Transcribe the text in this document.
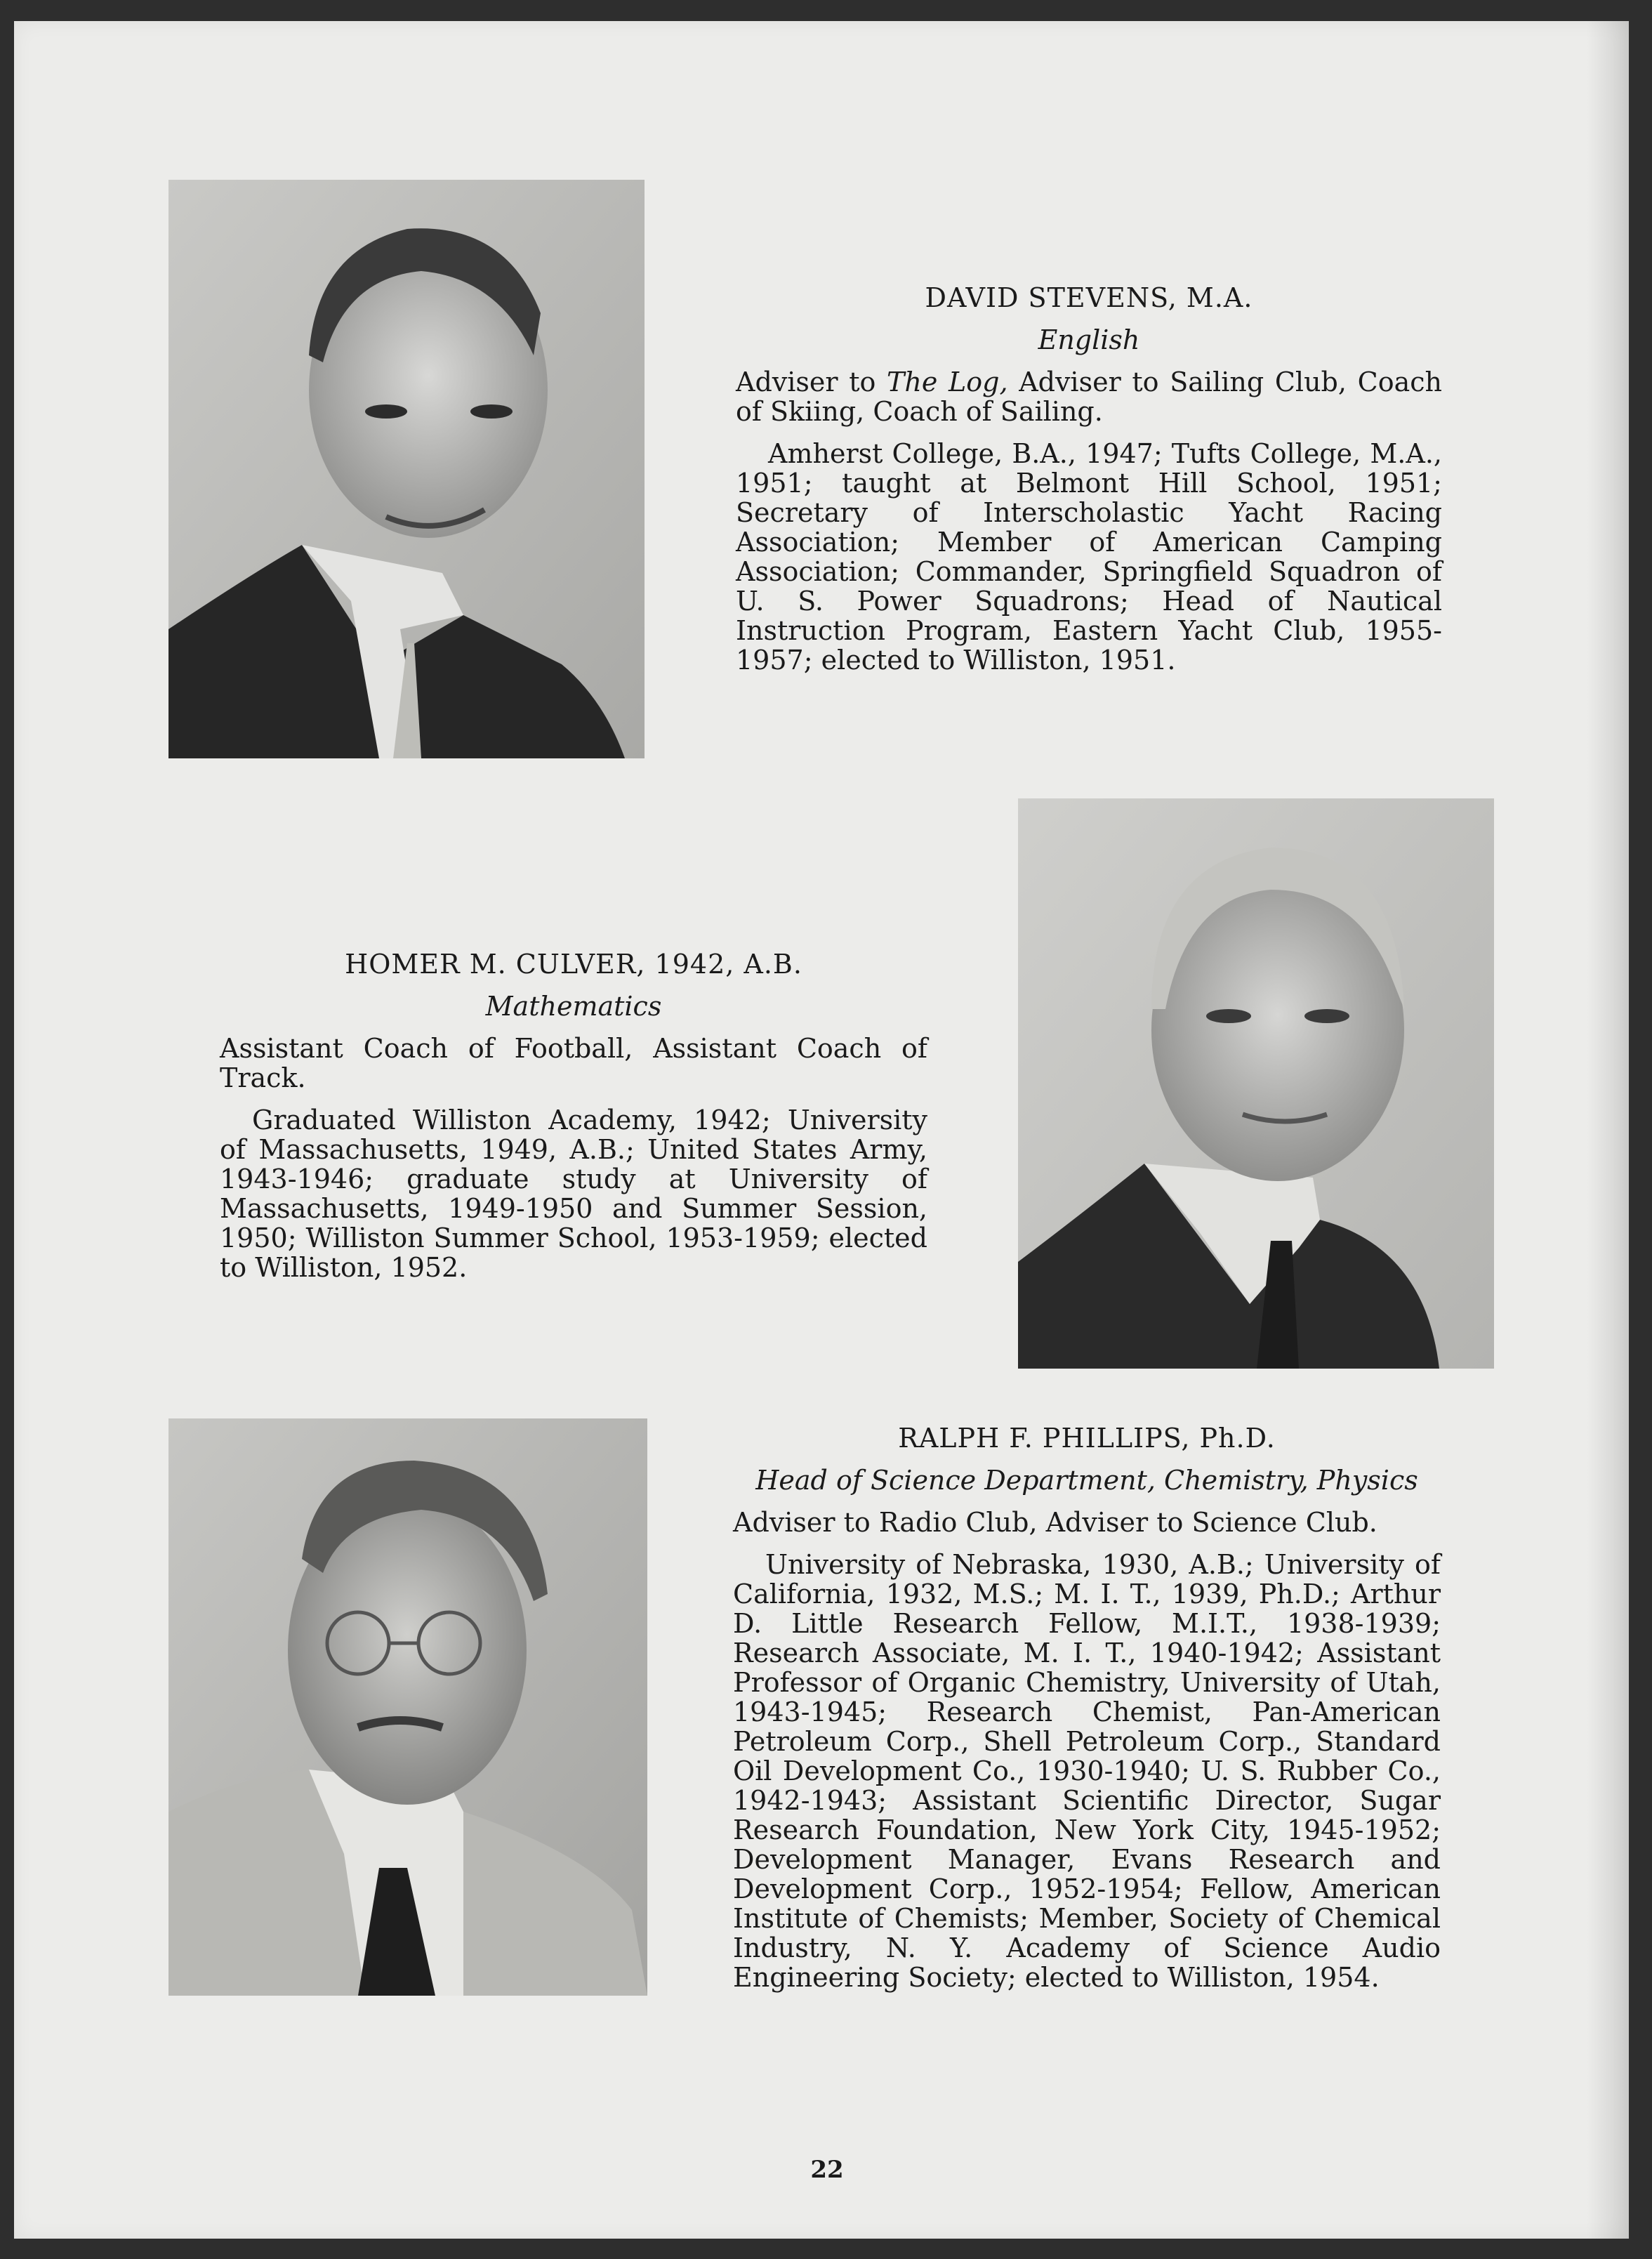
DAVID STEVENS, M.A.

English

Adviser to The Log, Adviser to Sailing Club, Coach of Skiing, Coach of Sailing.

Amherst College, B.A., 1947; Tufts College, M.A., 1951; taught at Belmont Hill School, 1951; Secretary of Interscholastic Yacht Racing Association; Member of American Camping Association; Commander, Springfield Squadron of U. S. Power Squadrons; Head of Nautical Instruction Program, Eastern Yacht Club, 1955-1957; elected to Williston, 1951.

HOMER M. CULVER, 1942, A.B.

Mathematics

Assistant Coach of Football, Assistant Coach of Track.

Graduated Williston Academy, 1942; University of Massachusetts, 1949, A.B.; United States Army, 1943-1946; graduate study at University of Massachusetts, 1949-1950 and Summer Session, 1950; Williston Summer School, 1953-1959; elected to Williston, 1952.

RALPH F. PHILLIPS, Ph.D.

Head of Science Department, Chemistry, Physics

Adviser to Radio Club, Adviser to Science Club.

University of Nebraska, 1930, A.B.; University of California, 1932, M.S.; M. I. T., 1939, Ph.D.; Arthur D. Little Research Fellow, M.I.T., 1938-1939; Research Associate, M. I. T., 1940-1942; Assistant Professor of Organic Chemistry, University of Utah, 1943-1945; Research Chemist, Pan-American Petroleum Corp., Shell Petroleum Corp., Standard Oil Development Co., 1930-1940; U. S. Rubber Co., 1942-1943; Assistant Scientific Director, Sugar Research Foundation, New York City, 1945-1952; Development Manager, Evans Research and Development Corp., 1952-1954; Fellow, American Institute of Chemists; Member, Society of Chemical Industry, N. Y. Academy of Science Audio Engineering Society; elected to Williston, 1954.

22
